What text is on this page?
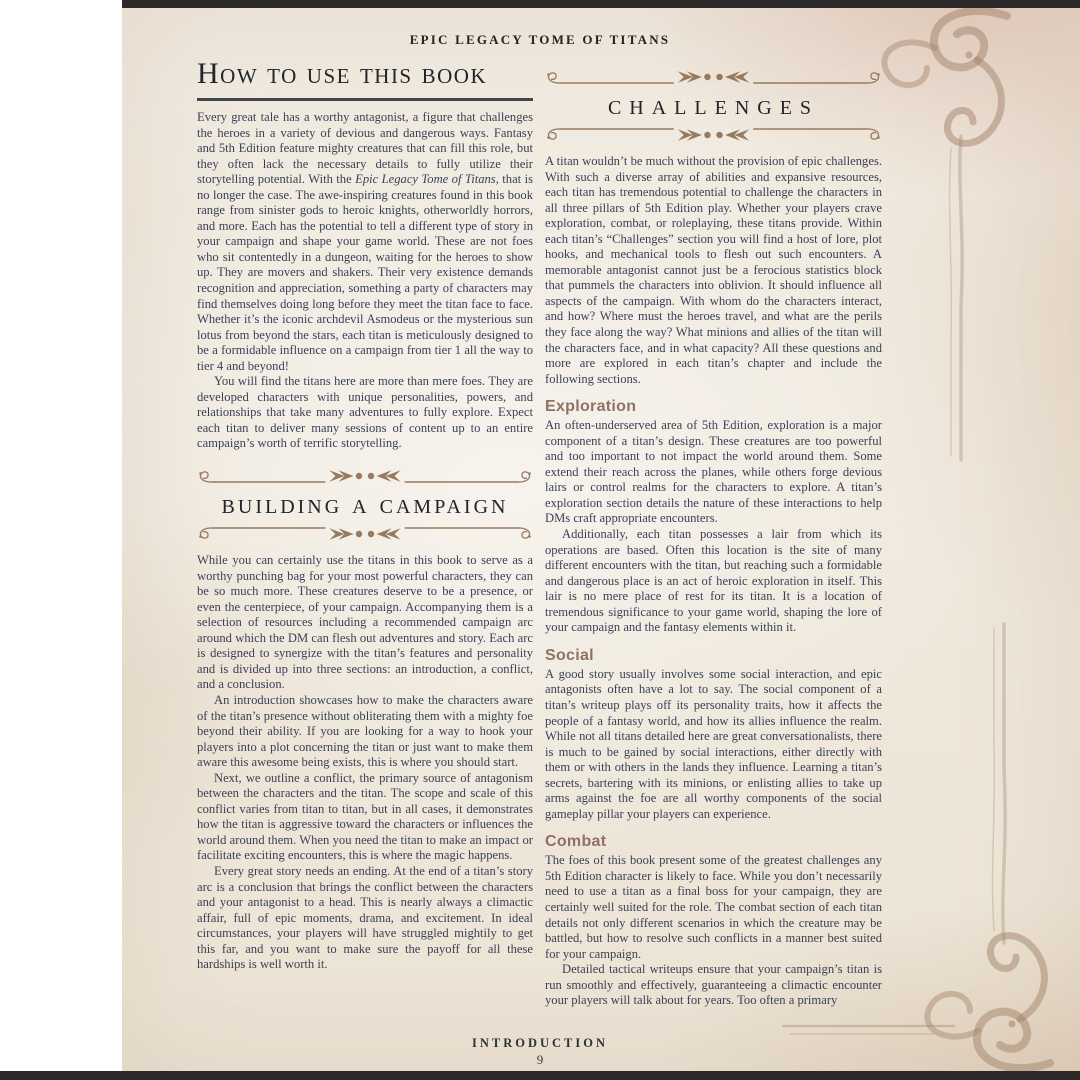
EPIC LEGACY TOME OF TITANS
How to use this book

Every great tale has a worthy antagonist, a figure that challenges the heroes in a variety of devious and dangerous ways. Fantasy and 5th Edition feature mighty creatures that can fill this role, but they often lack the necessary details to fully utilize their storytelling potential. With the Epic Legacy Tome of Titans, that is no longer the case. The awe-inspiring creatures found in this book range from sinister gods to heroic knights, otherworldly horrors, and more. Each has the potential to tell a different type of story in your campaign and shape your game world. These are not foes who sit contentedly in a dungeon, waiting for the heroes to show up. They are movers and shakers. Their very existence demands recognition and appreciation, something a party of characters may find themselves doing long before they meet the titan face to face. Whether it’s the iconic archdevil Asmodeus or the mysterious sun lotus from beyond the stars, each titan is meticulously designed to be a formidable influence on a campaign from tier 1 all the way to tier 4 and beyond!

You will find the titans here are more than mere foes. They are developed characters with unique personalities, powers, and relationships that take many adventures to fully explore. Expect each titan to deliver many sessions of content up to an entire campaign’s worth of terrific storytelling.

building a campaign

While you can certainly use the titans in this book to serve as a worthy punching bag for your most powerful characters, they can be so much more. These creatures deserve to be a presence, or even the centerpiece, of your campaign. Accompanying them is a selection of resources including a recommended campaign arc around which the DM can flesh out adventures and story. Each arc is designed to synergize with the titan’s features and personality and is divided up into three sections: an introduction, a conflict, and a conclusion.

An introduction showcases how to make the characters aware of the titan’s presence without obliterating them with a mighty foe beyond their ability. If you are looking for a way to hook your players into a plot concerning the titan or just want to make them aware this awesome being exists, this is where you should start.

Next, we outline a conflict, the primary source of antagonism between the characters and the titan. The scope and scale of this conflict varies from titan to titan, but in all cases, it demonstrates how the titan is aggressive toward the characters or influences the world around them. When you need the titan to make an impact or facilitate exciting encounters, this is where the magic happens.

Every great story needs an ending. At the end of a titan’s story arc is a conclusion that brings the conflict between the characters and your antagonist to a head. This is nearly always a climactic affair, full of epic moments, drama, and excitement. In ideal circumstances, your players will have struggled mightily to get this far, and you want to make sure the payoff for all these hardships is well worth it.

challenges

A titan wouldn’t be much without the provision of epic challenges. With such a diverse array of abilities and expansive resources, each titan has tremendous potential to challenge the characters in all three pillars of 5th Edition play. Whether your players crave exploration, combat, or roleplaying, these titans provide. Within each titan’s “Challenges” section you will find a host of lore, plot hooks, and mechanical tools to flesh out such encounters. A memorable antagonist cannot just be a ferocious statistics block that pummels the characters into oblivion. It should influence all aspects of the campaign. With whom do the characters interact, and how? Where must the heroes travel, and what are the perils they face along the way? What minions and allies of the titan will the characters face, and in what capacity? All these questions and more are explored in each titan’s chapter and include the following sections.

Exploration

An often-underserved area of 5th Edition, exploration is a major component of a titan’s design. These creatures are too powerful and too important to not impact the world around them. Some extend their reach across the planes, while others forge devious lairs or control realms for the characters to explore. A titan’s exploration section details the nature of these interactions to help DMs craft appropriate encounters.

Additionally, each titan possesses a lair from which its operations are based. Often this location is the site of many different encounters with the titan, but reaching such a formidable and dangerous place is an act of heroic exploration in itself. This lair is no mere place of rest for its titan. It is a location of tremendous significance to your game world, shaping the lore of your campaign and the fantasy elements within it.

Social

A good story usually involves some social interaction, and epic antagonists often have a lot to say. The social component of a titan’s writeup plays off its personality traits, how it affects the people of a fantasy world, and how its allies influence the realm. While not all titans detailed here are great conversationalists, there is much to be gained by social interactions, either directly with them or with others in the lands they influence. Learning a titan’s secrets, bartering with its minions, or enlisting allies to take up arms against the foe are all worthy components of the social gameplay pillar your players can experience.

Combat

The foes of this book present some of the greatest challenges any 5th Edition character is likely to face. While you don’t necessarily need to use a titan as a final boss for your campaign, they are certainly well suited for the role. The combat section of each titan details not only different scenarios in which the creature may be battled, but how to resolve such conflicts in a manner best suited for your campaign.

Detailed tactical writeups ensure that your campaign’s titan is run smoothly and effectively, guaranteeing a climactic encounter your players will talk about for years. Too often a primary

INTRODUCTION
9
